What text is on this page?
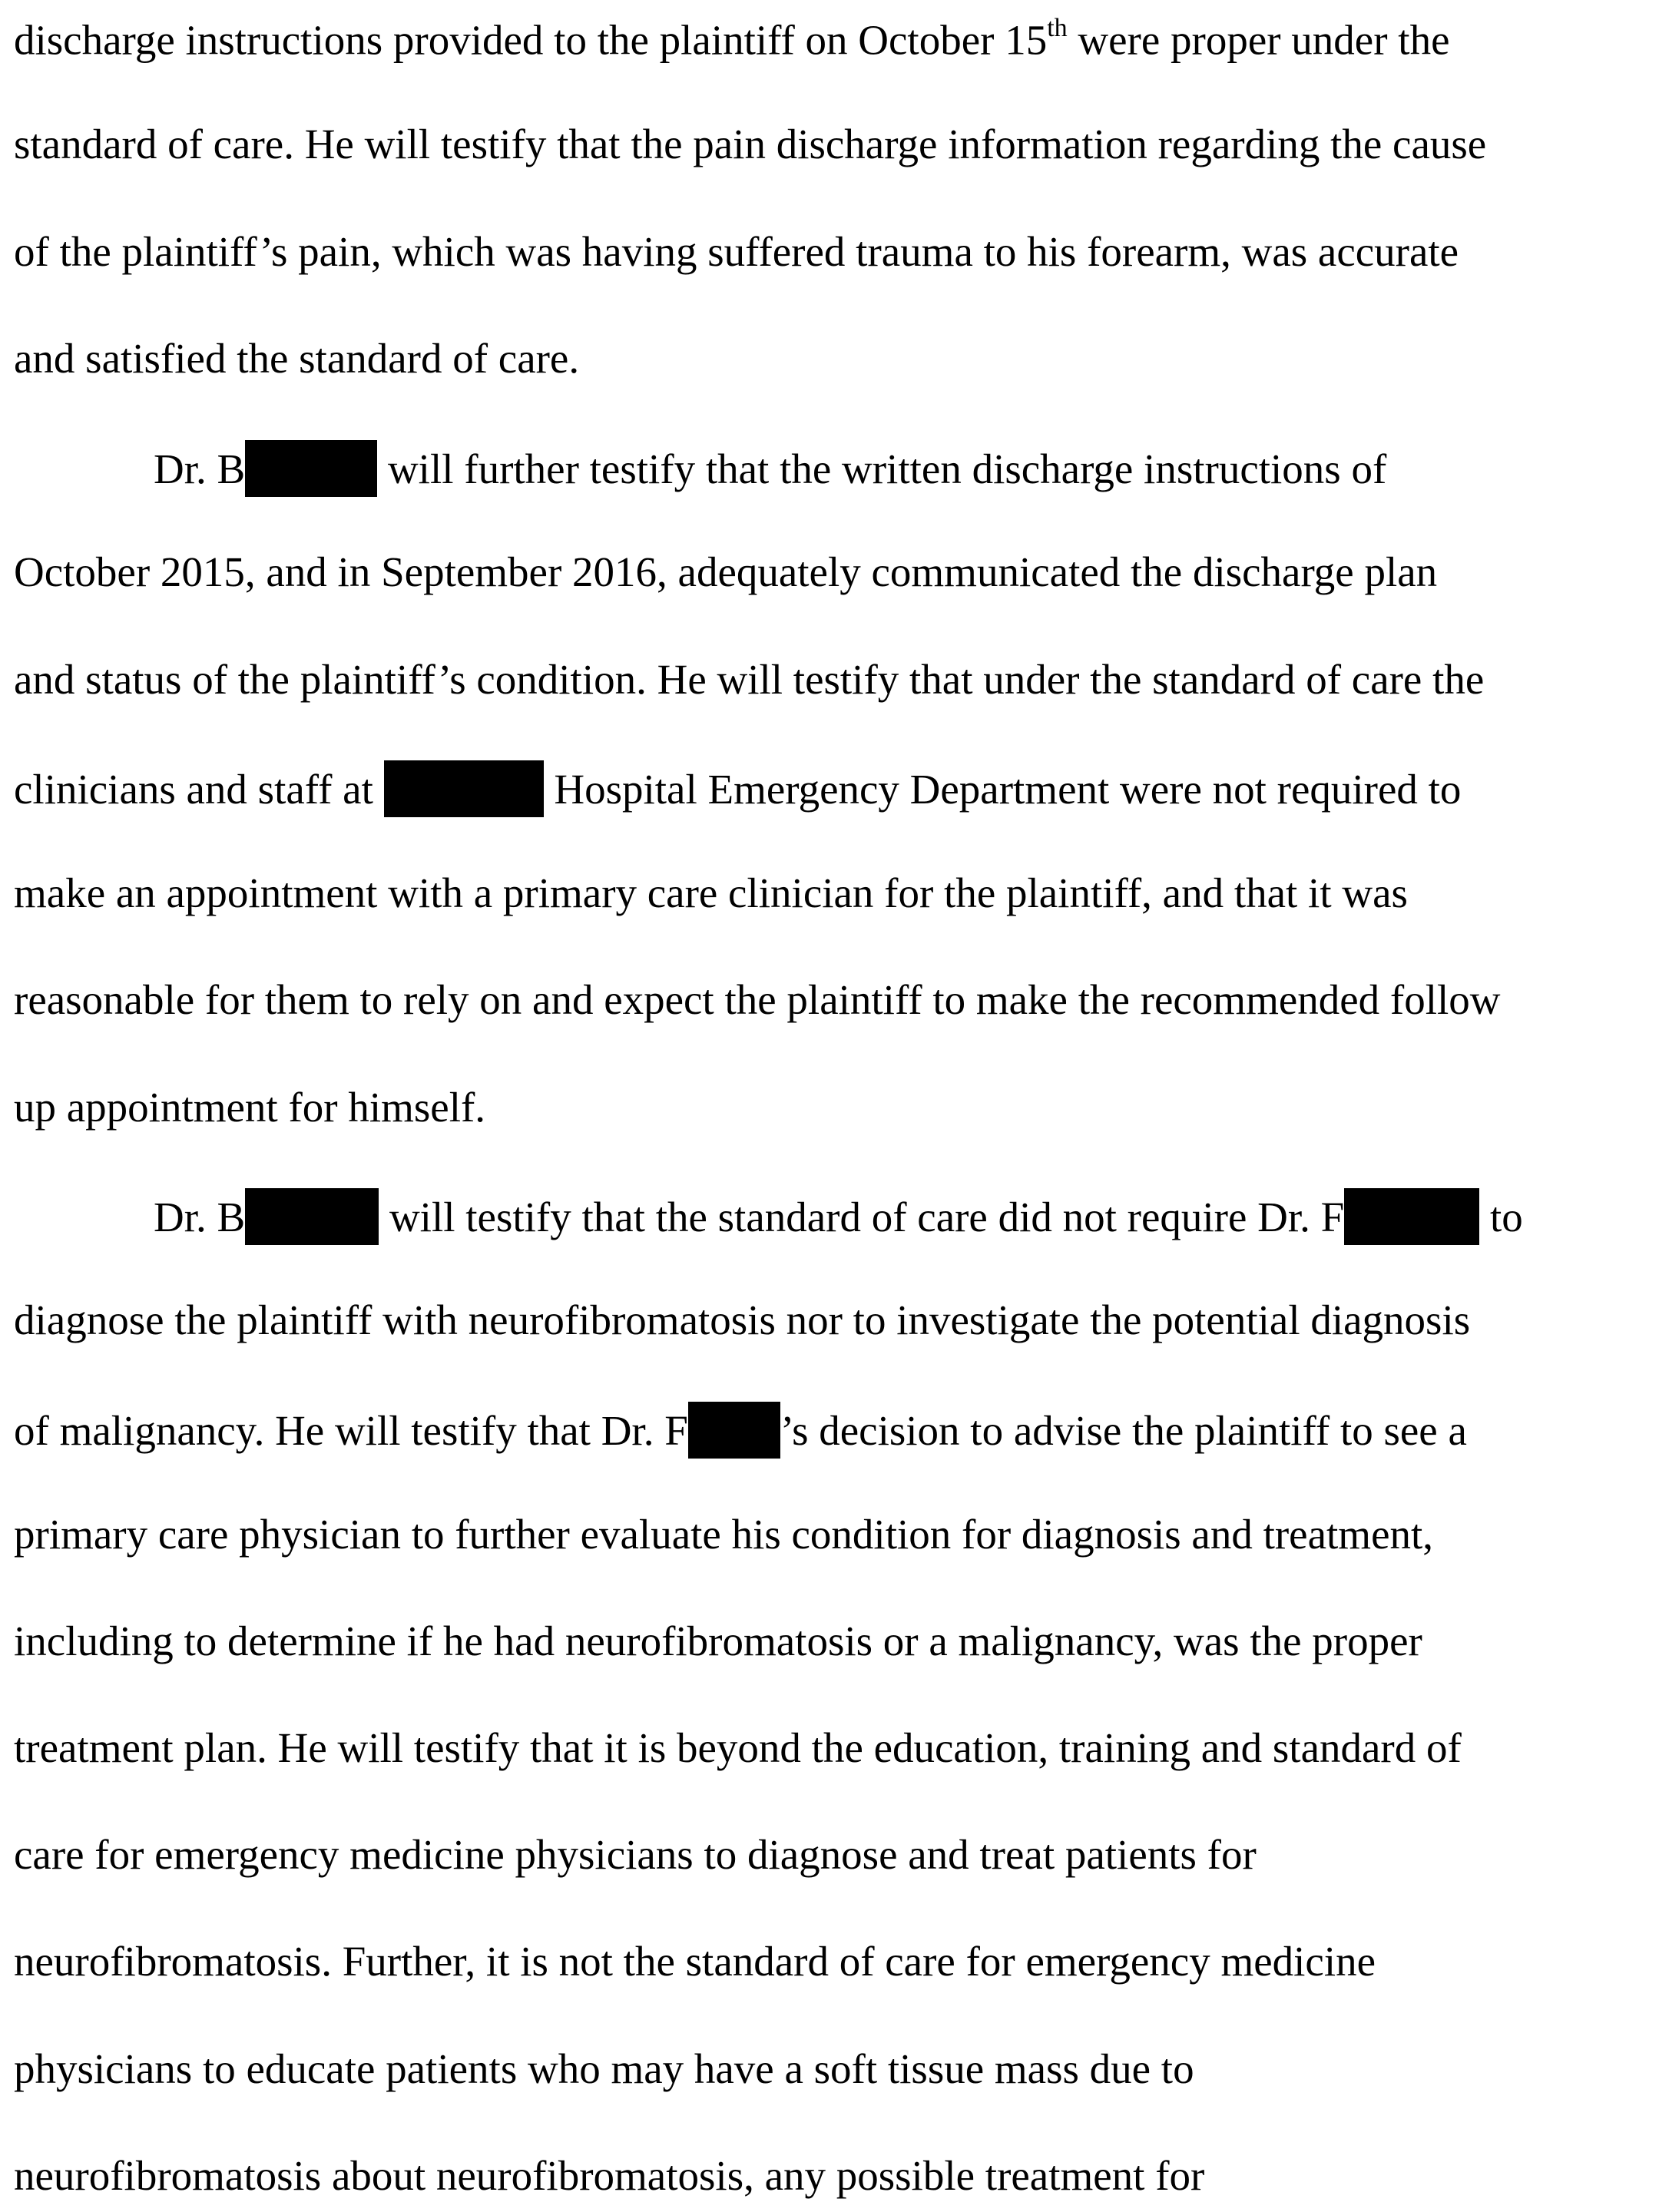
discharge instructions provided to the plaintiff on October 15th were proper under the

standard of care. He will testify that the pain discharge information regarding the cause

of the plaintiff’s pain, which was having suffered trauma to his forearm, was accurate

and satisfied the standard of care.

Dr. B	will further testify that the written discharge instructions of

October 2015, and in September 2016, adequately communicated the discharge plan

and status of the plaintiff’s condition. He will testify that under the standard of care the

clinicians and staff at	Hospital Emergency Department were not required to

make an appointment with a primary care clinician for the plaintiff, and that it was

reasonable for them to rely on and expect the plaintiff to make the recommended follow

up appointment for himself.

Dr. B	will testify that the standard of care did not require Dr. F	to

diagnose the plaintiff with neurofibromatosis nor to investigate the potential diagnosis

of malignancy. He will testify that Dr. F ’s decision to advise the plaintiff to see a

primary care physician to further evaluate his condition for diagnosis and treatment,

including to determine if he had neurofibromatosis or a malignancy, was the proper

treatment plan. He will testify that it is beyond the education, training and standard of

care for emergency medicine physicians to diagnose and treat patients for

neurofibromatosis. Further, it is not the standard of care for emergency medicine

physicians to educate patients who may have a soft tissue mass due to

neurofibromatosis about neurofibromatosis, any possible treatment for
